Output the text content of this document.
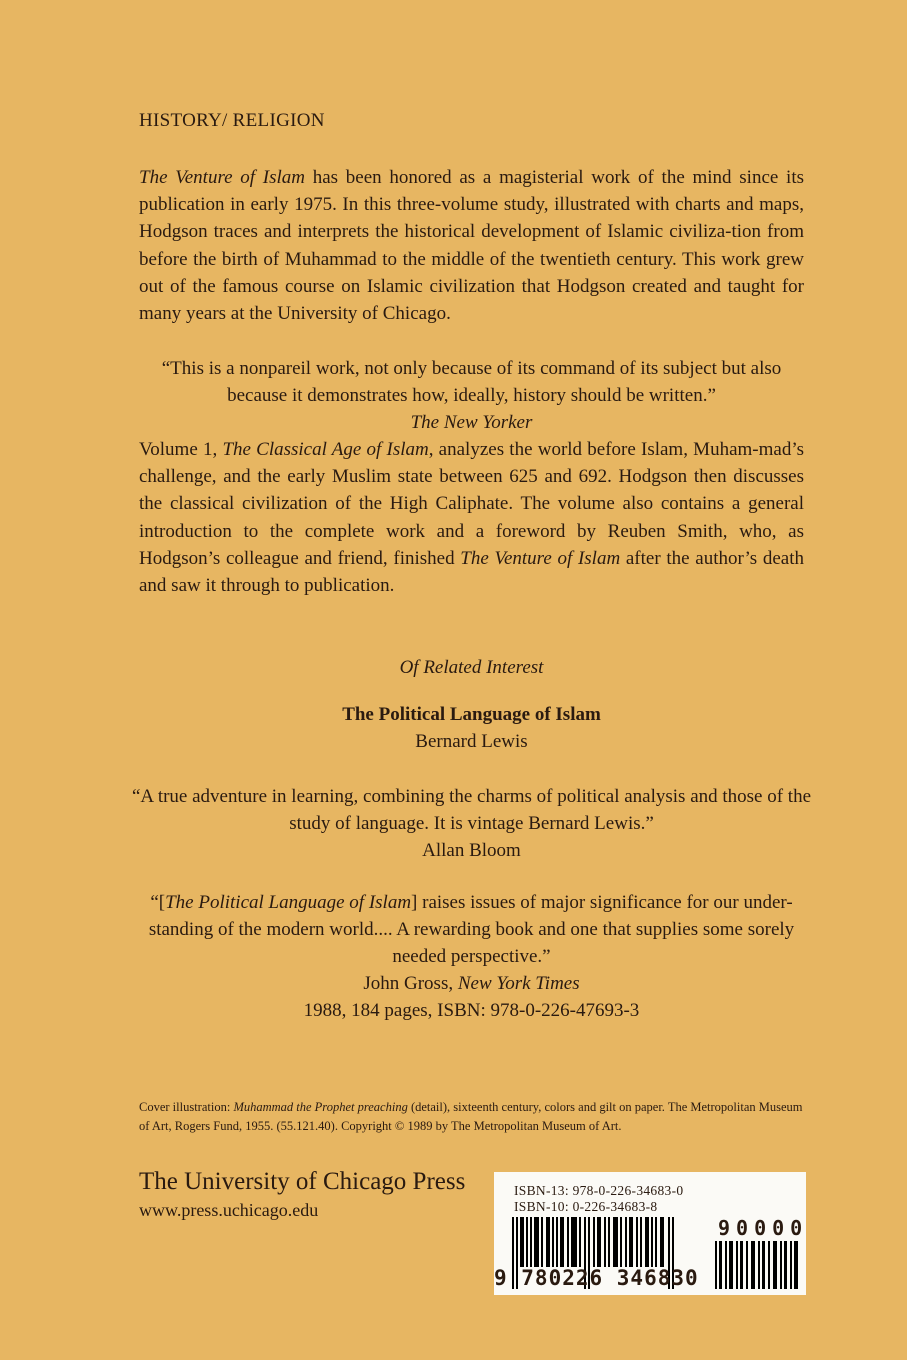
HISTORY/ RELIGION
The Venture of Islam has been honored as a magisterial work of the mind since its publication in early 1975. In this three-volume study, illustrated with charts and maps, Hodgson traces and interprets the historical development of Islamic civiliza-tion from before the birth of Muhammad to the middle of the twentieth century. This work grew out of the famous course on Islamic civilization that Hodgson created and taught for many years at the University of Chicago.
“This is a nonpareil work, not only because of its command of its subject but also because it demonstrates how, ideally, history should be written.”
The New Yorker
Volume 1, The Classical Age of Islam, analyzes the world before Islam, Muham-mad’s challenge, and the early Muslim state between 625 and 692. Hodgson then discusses the classical civilization of the High Caliphate. The volume also contains a general introduction to the complete work and a foreword by Reuben Smith, who, as Hodgson’s colleague and friend, finished The Venture of Islam after the author’s death and saw it through to publication.
Of Related Interest
The Political Language of Islam
Bernard Lewis
“A true adventure in learning, combining the charms of political analysis and those of the study of language. It is vintage Bernard Lewis.”
Allan Bloom
“[The Political Language of Islam] raises issues of major significance for our under-standing of the modern world.... A rewarding book and one that supplies some sorely needed perspective.”
John Gross, New York Times
1988, 184 pages, ISBN: 978-0-226-47693-3
Cover illustration: Muhammad the Prophet preaching (detail), sixteenth century, colors and gilt on paper. The Metropolitan Museum of Art, Rogers Fund, 1955. (55.121.40). Copyright © 1989 by The Metropolitan Museum of Art.
The University of Chicago Press
www.press.uchicago.edu
ISBN-13: 978-0-226-34683-0
ISBN-10: 0-226-34683-8
9 780226 346830
90000
